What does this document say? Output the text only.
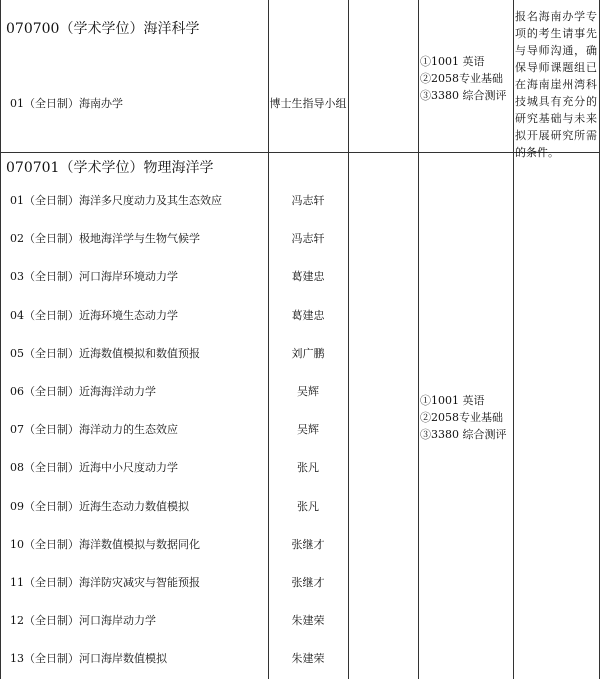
070700（学术学位）海洋科学
01（全日制）海南办学	博士生指导小组
①1001 英语②2058专业基础③3380 综合测评
报名海南办学专项的考生请事先与导师沟通，确保导师课题组已在海南崖州湾科技城具有充分的研究基础与未来拟开展研究所需的条件。
070701（学术学位）物理海洋学
①1001 英语②2058专业基础③3380 综合测评
01（全日制）海洋多尺度动力及其生态效应	冯志轩
02（全日制）极地海洋学与生物气候学	冯志轩
03（全日制）河口海岸环境动力学	葛建忠
04（全日制）近海环境生态动力学	葛建忠
05（全日制）近海数值模拟和数值预报	刘广鹏
06（全日制）近海海洋动力学	吴辉
07（全日制）海洋动力的生态效应	吴辉
08（全日制）近海中小尺度动力学	张凡
09（全日制）近海生态动力数值模拟	张凡
10（全日制）海洋数值模拟与数据同化	张继才
11（全日制）海洋防灾减灾与智能预报	张继才
12（全日制）河口海岸动力学	朱建荣
13（全日制）河口海岸数值模拟	朱建荣
